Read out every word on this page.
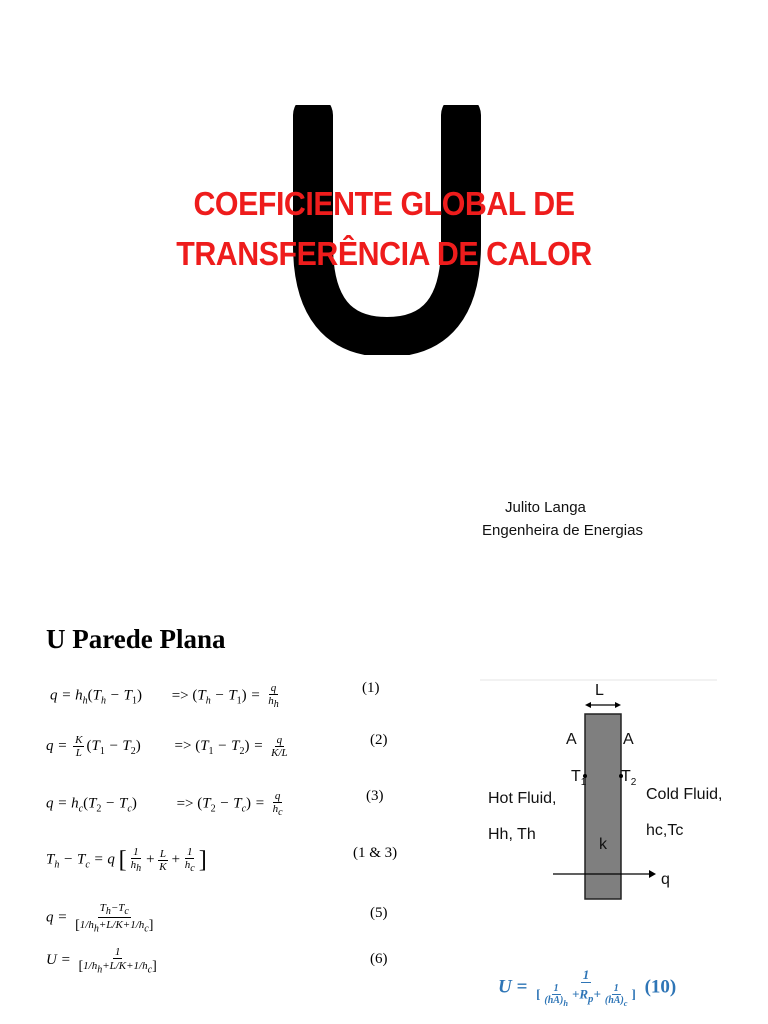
COEFICIENTE GLOBAL DE
TRANSFERÊNCIA DE CALOR
Julito Langa
Engenheira de Energias
U Parede Plana
$q = h_h(T_h - T_1) => (T_h - T_1) = \frac{q}{h_h}$	(1)
$q = \frac{K}{L} (T_1 - T_2) => (T_1 - T_2) = \frac{q}{K/L}$	(2)
$q = h_c(T_2 - T_c)$	=> $(T_2 - T_c) = \frac{q}{h_c}$	(3)
$T_h - T_c = q$ [ $\frac{1}{h_h} + \frac{L}{K} + \frac{1}{h_c}$ ]	(1 & 3)
$q = \frac{T_h-T_c}{[1/h_h+L/K+1/h_c]}$	(5)
$U = \frac{1}{[1/h_h+L/K+1/h_c]}$	(6)
L
A	A
$T_1$ $T_2$
Hot Fluid,	Cold Fluid,
Hh, Th	hc,Tc
k
q
$U = \frac{1}{[ \frac{1}{(hA)_h} +R_p+ \frac{1}{(hA)_c} ]} (10)$
